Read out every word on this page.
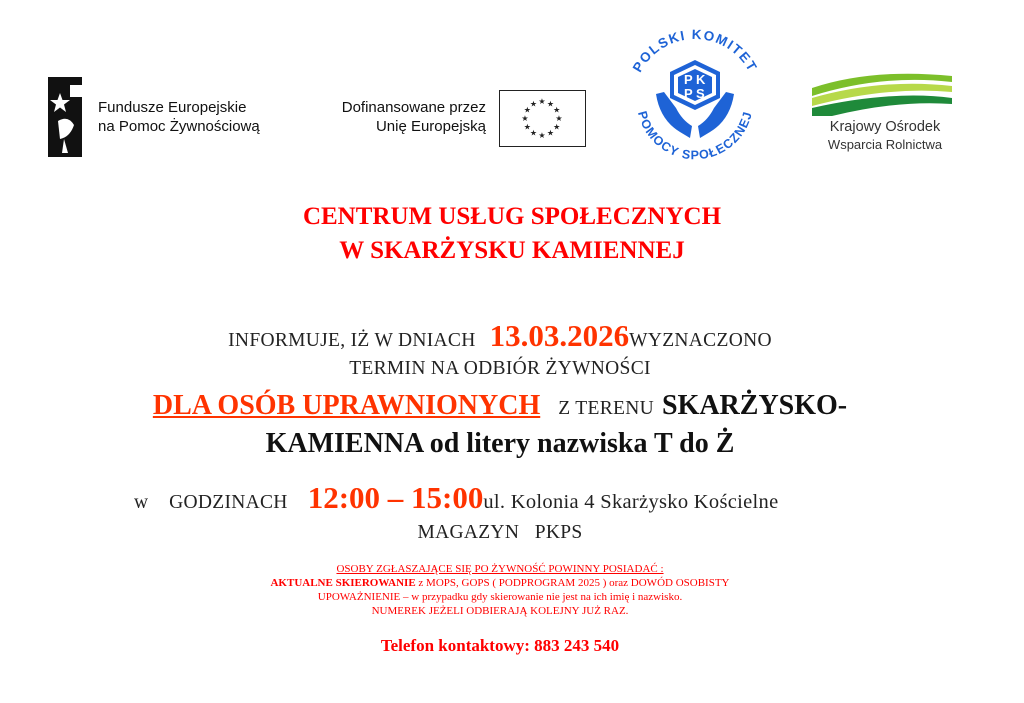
Fundusze Europejskie
na Pomoc Żywnościową
Dofinansowane przez
Unię Europejską
★ ★
★
★
★
★
★
★
★
★
★
★
POLSKI KOMITET
POMOCY SPOŁECZNEJ
P K
P S
Krajowy Ośrodek
Wsparcia Rolnictwa
CENTRUM USŁUG SPOŁECZNYCH
W SKARŻYSKU KAMIENNEJ
INFORMUJE, IŻ W DNIACH 13.03.2026WYZNACZONO
TERMIN NA ODBIÓR ŻYWNOŚCI
DLA OSÓB UPRAWNIONYCH Z TERENU SKARŻYSKO-
KAMIENNA od litery nazwiska T do Ż
w    GODZINACH 12:00 – 15:00ul. Kolonia 4 Skarżysko Kościelne
MAGAZYN   PKPS
OSOBY ZGŁASZAJĄCE SIĘ PO ŻYWNOŚĆ POWINNY POSIADAĆ :
AKTUALNE SKIEROWANIE z MOPS, GOPS ( PODPROGRAM 2025 ) oraz DOWÓD OSOBISTY
UPOWAŻNIENIE – w przypadku gdy skierowanie nie jest na ich imię i nazwisko.
NUMEREK JEŻELI ODBIERAJĄ KOLEJNY JUŻ RAZ.
Telefon kontaktowy: 883 243 540
